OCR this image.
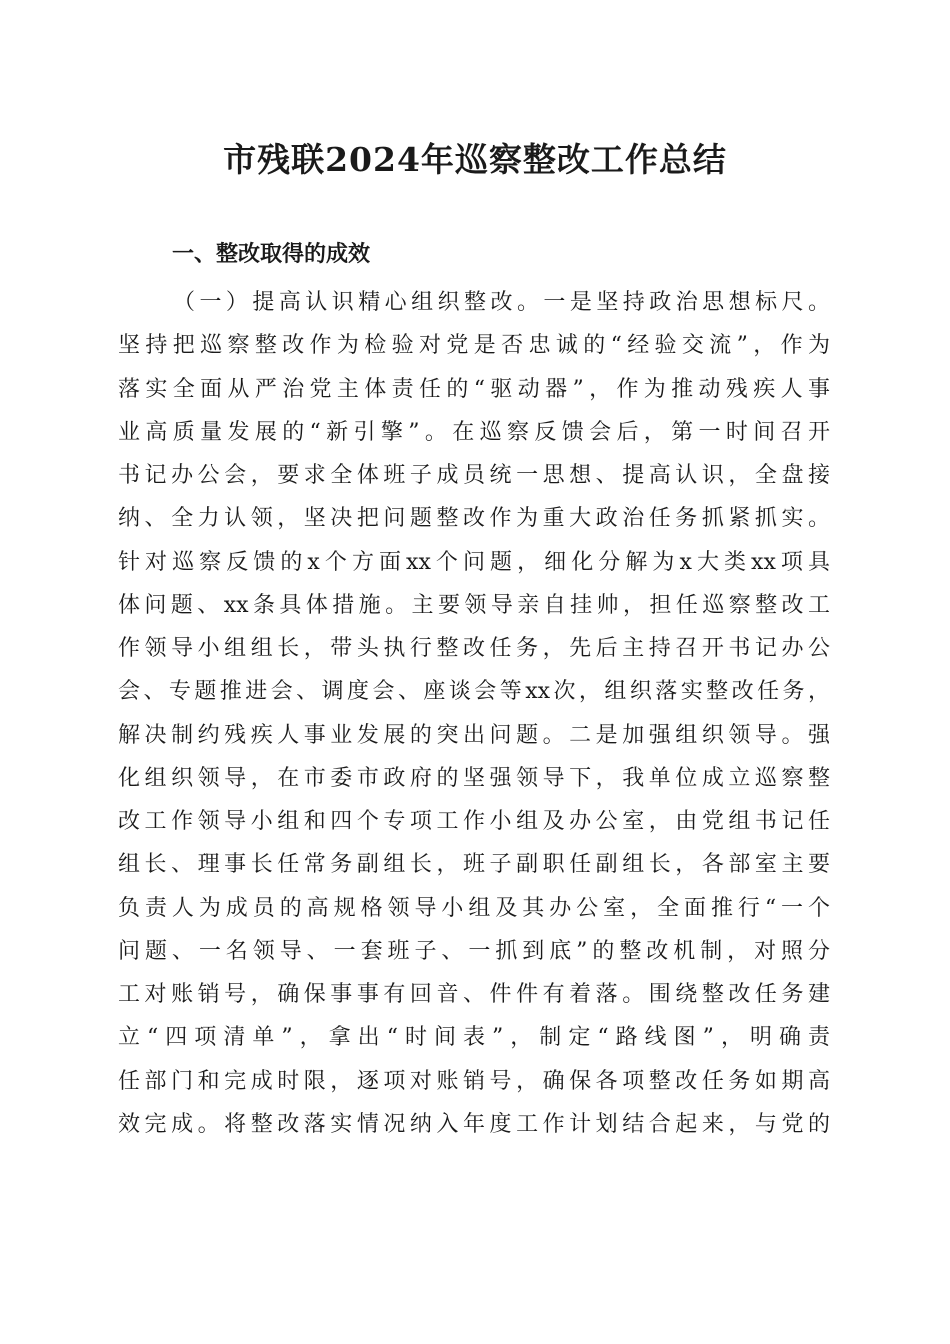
市残联2024年巡察整改工作总结
一、整改取得的成效
（一）提高认识精心组织整改。一是坚持政治思想标尺。
坚持把巡察整改作为检验对党是否忠诚的“经验交流”，作为
落实全面从严治党主体责任的“驱动器”，作为推动残疾人事
业高质量发展的“新引擎”。在巡察反馈会后，第一时间召开
书记办公会，要求全体班子成员统一思想、提高认识，全盘接
纳、全力认领，坚决把问题整改作为重大政治任务抓紧抓实。
针对巡察反馈的x个方面xx个问题，细化分解为x大类xx项具
体问题、xx条具体措施。主要领导亲自挂帅，担任巡察整改工
作领导小组组长，带头执行整改任务，先后主持召开书记办公
会、专题推进会、调度会、座谈会等xx次，组织落实整改任务，
解决制约残疾人事业发展的突出问题。二是加强组织领导。强
化组织领导，在市委市政府的坚强领导下，我单位成立巡察整
改工作领导小组和四个专项工作小组及办公室，由党组书记任
组长、理事长任常务副组长，班子副职任副组长，各部室主要
负责人为成员的高规格领导小组及其办公室，全面推行“一个
问题、一名领导、一套班子、一抓到底”的整改机制，对照分
工对账销号，确保事事有回音、件件有着落。围绕整改任务建
立“四项清单”，拿出“时间表”，制定“路线图”，明确责
任部门和完成时限，逐项对账销号，确保各项整改任务如期高
效完成。将整改落实情况纳入年度工作计划结合起来，与党的
